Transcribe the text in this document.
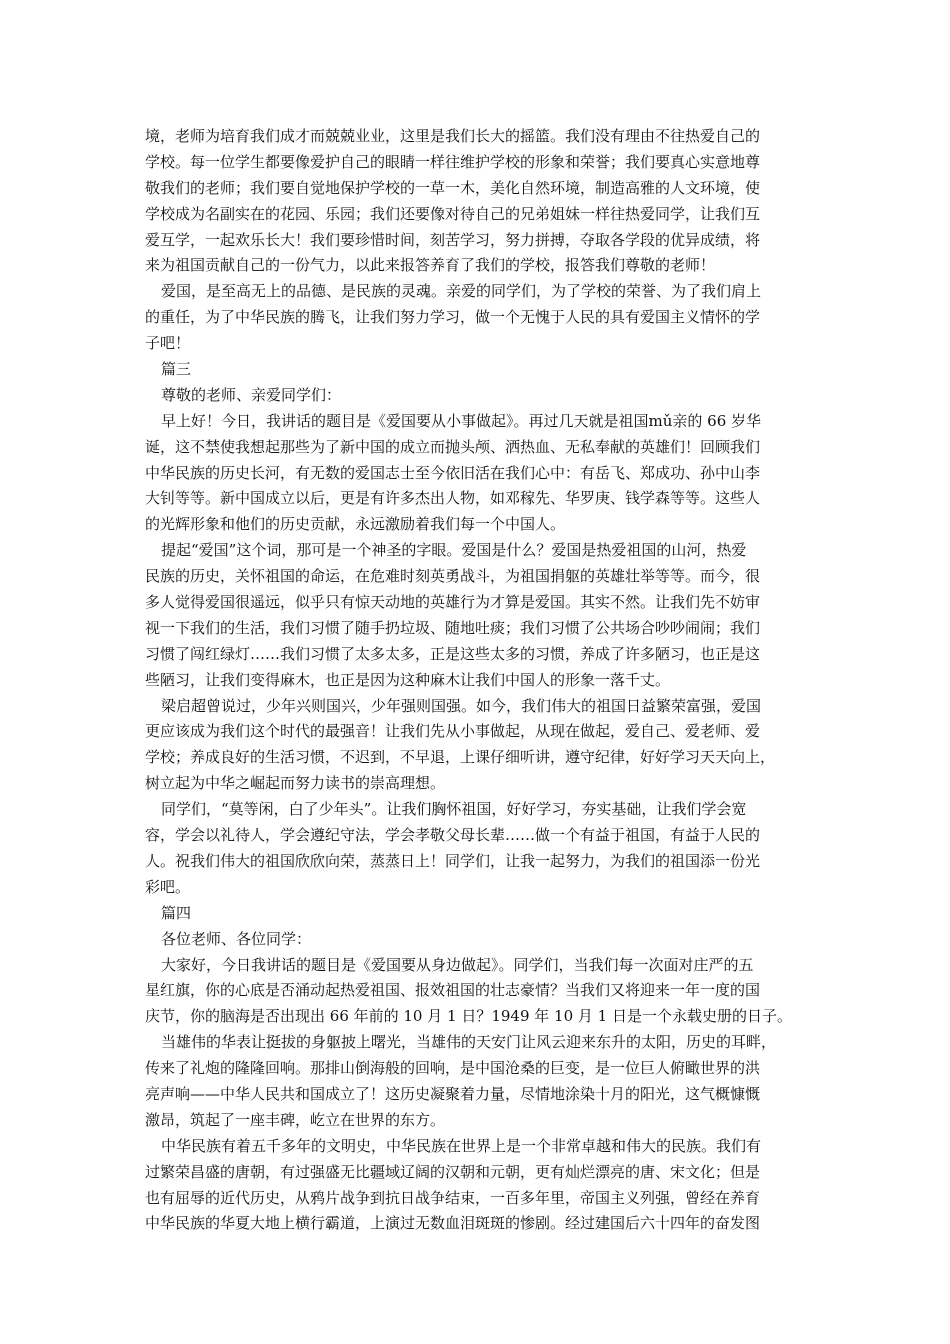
境，老师为培育我们成才而兢兢业业，这里是我们长大的摇篮。我们没有理由不往热爱自己的
学校。每一位学生都要像爱护自己的眼睛一样往维护学校的形象和荣誉；我们要真心实意地尊
敬我们的老师；我们要自觉地保护学校的一草一木，美化自然环境，制造高雅的人文环境，使
学校成为名副实在的花园、乐园；我们还要像对待自己的兄弟姐妹一样往热爱同学，让我们互
爱互学，一起欢乐长大！我们要珍惜时间，刻苦学习，努力拼搏，夺取各学段的优异成绩，将
来为祖国贡献自己的一份气力，以此来报答养育了我们的学校，报答我们尊敬的老师！
爱国，是至高无上的品德、是民族的灵魂。亲爱的同学们，为了学校的荣誉、为了我们肩上
的重任，为了中华民族的腾飞，让我们努力学习，做一个无愧于人民的具有爱国主义情怀的学
子吧！
篇三
尊敬的老师、亲爱同学们：
早上好！今日，我讲话的题目是《爱国要从小事做起》。再过几天就是祖国mǔ亲的 66 岁华
诞，这不禁使我想起那些为了新中国的成立而抛头颅、洒热血、无私奉献的英雄们！回顾我们
中华民族的历史长河，有无数的爱国志士至今依旧活在我们心中：有岳飞、郑成功、孙中山李
大钊等等。新中国成立以后，更是有许多杰出人物，如邓稼先、华罗庚、钱学森等等。这些人
的光辉形象和他们的历史贡献，永远激励着我们每一个中国人。
提起“爱国”这个词，那可是一个神圣的字眼。爱国是什么？爱国是热爱祖国的山河，热爱
民族的历史，关怀祖国的命运，在危难时刻英勇战斗，为祖国捐躯的英雄壮举等等。而今，很
多人觉得爱国很遥远，似乎只有惊天动地的英雄行为才算是爱国。其实不然。让我们先不妨审
视一下我们的生活，我们习惯了随手扔垃圾、随地吐痰；我们习惯了公共场合吵吵闹闹；我们
习惯了闯红绿灯……我们习惯了太多太多，正是这些太多的习惯，养成了许多陋习，也正是这
些陋习，让我们变得麻木，也正是因为这种麻木让我们中国人的形象一落千丈。
梁启超曾说过，少年兴则国兴，少年强则国强。如今，我们伟大的祖国日益繁荣富强，爱国
更应该成为我们这个时代的最强音！让我们先从小事做起，从现在做起，爱自己、爱老师、爱
学校；养成良好的生活习惯，不迟到，不早退，上课仔细听讲，遵守纪律，好好学习天天向上，
树立起为中华之崛起而努力读书的崇高理想。
同学们，“莫等闲，白了少年头”。让我们胸怀祖国，好好学习，夯实基础，让我们学会宽
容，学会以礼待人，学会遵纪守法，学会孝敬父母长辈……做一个有益于祖国，有益于人民的
人。祝我们伟大的祖国欣欣向荣，蒸蒸日上！同学们，让我一起努力，为我们的祖国添一份光
彩吧。
篇四
各位老师、各位同学：
大家好，今日我讲话的题目是《爱国要从身边做起》。同学们，当我们每一次面对庄严的五
星红旗，你的心底是否涌动起热爱祖国、报效祖国的壮志豪情？当我们又将迎来一年一度的国
庆节，你的脑海是否出现出 66 年前的 10 月 1 日？1949 年 10 月 1 日是一个永载史册的日子。
当雄伟的华表让挺拔的身躯披上曙光，当雄伟的天安门让风云迎来东升的太阳，历史的耳畔，
传来了礼炮的隆隆回响。那排山倒海般的回响，是中国沧桑的巨变，是一位巨人俯瞰世界的洪
亮声响——中华人民共和国成立了！这历史凝聚着力量，尽情地涂染十月的阳光，这气概慷慨
激昂，筑起了一座丰碑，屹立在世界的东方。
中华民族有着五千多年的文明史，中华民族在世界上是一个非常卓越和伟大的民族。我们有
过繁荣昌盛的唐朝，有过强盛无比疆域辽阔的汉朝和元朝，更有灿烂漂亮的唐、宋文化；但是
也有屈辱的近代历史，从鸦片战争到抗日战争结束，一百多年里，帝国主义列强，曾经在养育
中华民族的华夏大地上横行霸道，上演过无数血泪斑斑的惨剧。经过建国后六十四年的奋发图
